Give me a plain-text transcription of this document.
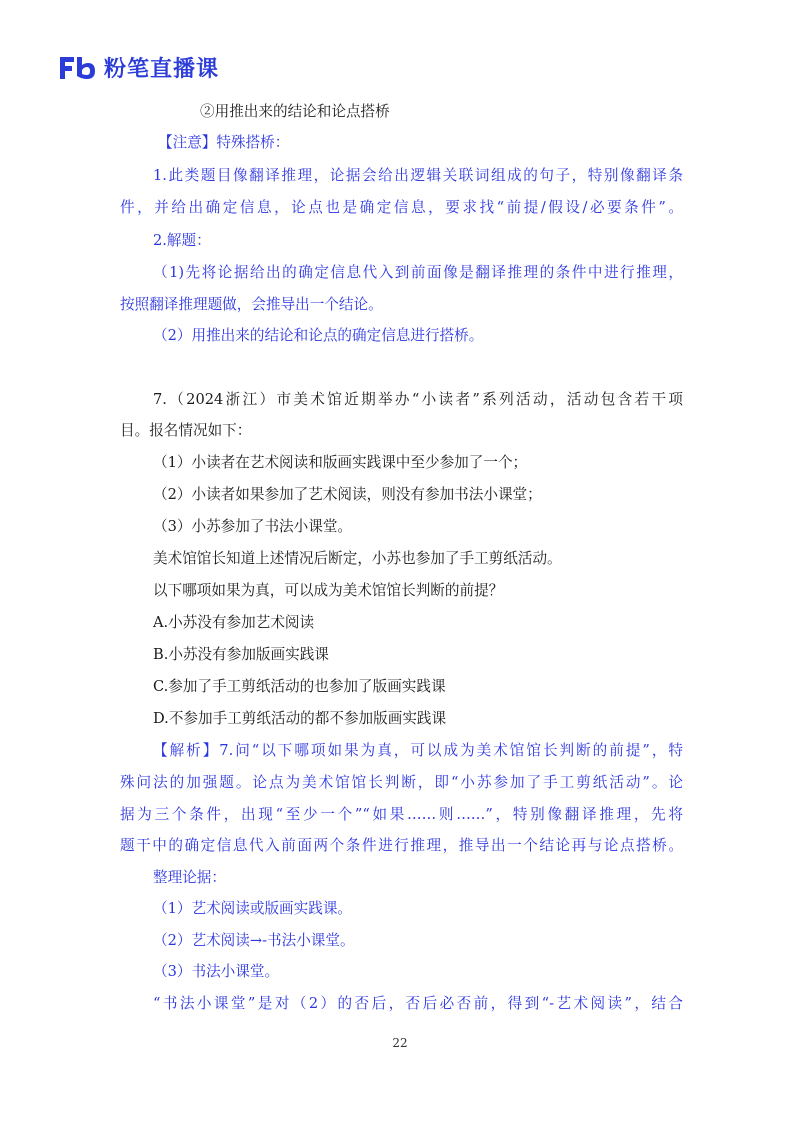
粉笔直播课
②用推出来的结论和论点搭桥
【注意】特殊搭桥：
1.此类题目像翻译推理，论据会给出逻辑关联词组成的句子，特别像翻译条
件，并给出确定信息，论点也是确定信息，要求找“前提/假设/必要条件”。
2.解题：
（1)先将论据给出的确定信息代入到前面像是翻译推理的条件中进行推理，
按照翻译推理题做，会推导出一个结论。
（2）用推出来的结论和论点的确定信息进行搭桥。
7.（2024浙江）市美术馆近期举办“小读者”系列活动，活动包含若干项
目。报名情况如下：
（1）小读者在艺术阅读和版画实践课中至少参加了一个；
（2）小读者如果参加了艺术阅读，则没有参加书法小课堂；
（3）小苏参加了书法小课堂。
美术馆馆长知道上述情况后断定，小苏也参加了手工剪纸活动。
以下哪项如果为真，可以成为美术馆馆长判断的前提？
A.小苏没有参加艺术阅读
B.小苏没有参加版画实践课
C.参加了手工剪纸活动的也参加了版画实践课
D.不参加手工剪纸活动的都不参加版画实践课
【解析】7.问“以下哪项如果为真，可以成为美术馆馆长判断的前提”，特
殊问法的加强题。论点为美术馆馆长判断，即“小苏参加了手工剪纸活动”。论
据为三个条件，出现“至少一个”“如果……则……”，特别像翻译推理，先将
题干中的确定信息代入前面两个条件进行推理，推导出一个结论再与论点搭桥。
整理论据：
（1）艺术阅读或版画实践课。
（2）艺术阅读→-书法小课堂。
（3）书法小课堂。
“书法小课堂”是对（2）的否后，否后必否前，得到“-艺术阅读”，结合
22
